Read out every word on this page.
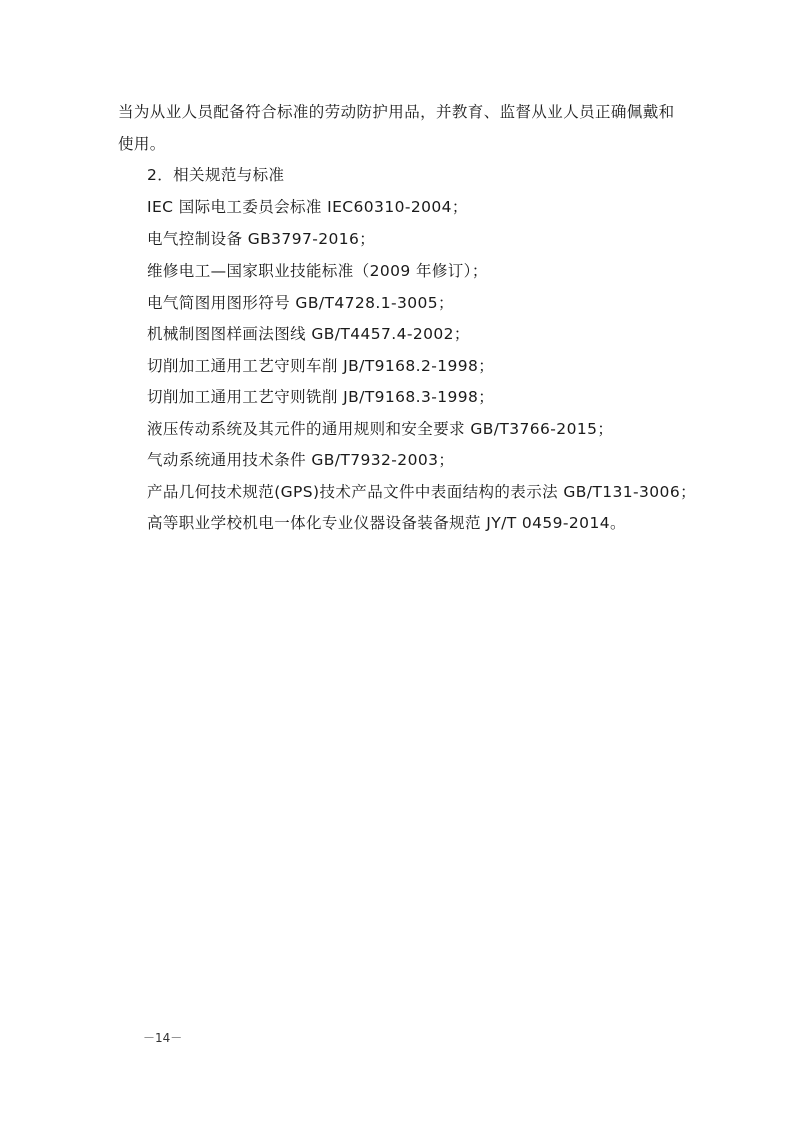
当为从业人员配备符合标准的劳动防护用品，并教育、监督从业人员正确佩戴和
使用。
2．相关规范与标准
IEC 国际电工委员会标准 IEC60310-2004；
电气控制设备 GB3797-2016；
维修电工—国家职业技能标准（2009 年修订）；
电气简图用图形符号 GB/T4728.1-3005；
机械制图图样画法图线 GB/T4457.4-2002；
切削加工通用工艺守则车削 JB/T9168.2-1998；
切削加工通用工艺守则铣削 JB/T9168.3-1998；
液压传动系统及其元件的通用规则和安全要求 GB/T3766-2015；
气动系统通用技术条件 GB/T7932-2003；
产品几何技术规范(GPS)技术产品文件中表面结构的表示法 GB/T131-3006；
高等职业学校机电一体化专业仪器设备装备规范 JY/T 0459-2014。
－14－
